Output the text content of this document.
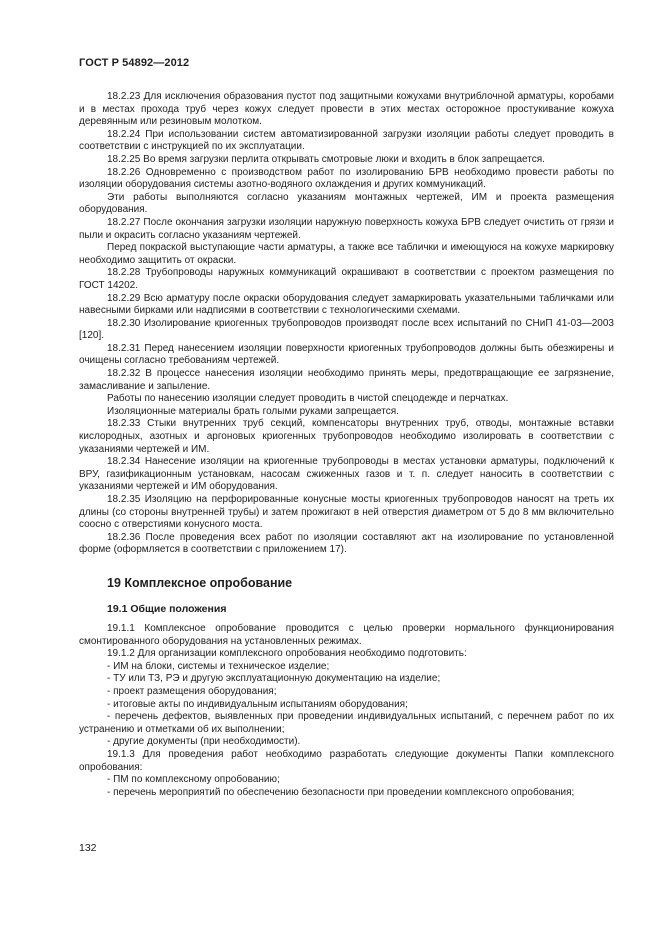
ГОСТ Р 54892—2012

18.2.23 Для исключения образования пустот под защитными кожухами внутриблочной арматуры, коробами и в местах прохода труб через кожух следует провести в этих местах осторожное простукивание кожуха деревянным или резиновым молотком.

18.2.24 При использовании систем автоматизированной загрузки изоляции работы следует проводить в соответствии с инструкцией по их эксплуатации.

18.2.25 Во время загрузки перлита открывать смотровые люки и входить в блок запрещается.

18.2.26 Одновременно с производством работ по изолированию БРВ необходимо провести работы по изоляции оборудования системы азотно-водяного охлаждения и других коммуникаций.

Эти работы выполняются согласно указаниям монтажных чертежей, ИМ и проекта размещения оборудования.

18.2.27 После окончания загрузки изоляции наружную поверхность кожуха БРВ следует очистить от грязи и пыли и окрасить согласно указаниям чертежей.

Перед покраской выступающие части арматуры, а также все таблички и имеющуюся на кожухе маркировку необходимо защитить от окраски.

18.2.28 Трубопроводы наружных коммуникаций окрашивают в соответствии с проектом размещения по ГОСТ 14202.

18.2.29 Всю арматуру после окраски оборудования следует замаркировать указательными табличками или навесными бирками или надписями в соответствии с технологическими схемами.

18.2.30 Изолирование криогенных трубопроводов производят после всех испытаний по СНиП 41-03—2003 [120].

18.2.31 Перед нанесением изоляции поверхности криогенных трубопроводов должны быть обезжирены и очищены согласно требованиям чертежей.

18.2.32 В процессе нанесения изоляции необходимо принять меры, предотвращающие ее загрязнение, замасливание и запыление.

Работы по нанесению изоляции следует проводить в чистой спецодежде и перчатках.

Изоляционные материалы брать голыми руками запрещается.

18.2.33 Стыки внутренних труб секций, компенсаторы внутренних труб, отводы, монтажные вставки кислородных, азотных и аргоновых криогенных трубопроводов необходимо изолировать в соответствии с указаниями чертежей и ИМ.

18.2.34 Нанесение изоляции на криогенные трубопроводы в местах установки арматуры, подключений к ВРУ, газификационным установкам, насосам сжиженных газов и т. п. следует наносить в соответствии с указаниями чертежей и ИМ оборудования.

18.2.35 Изоляцию на перфорированные конусные мосты криогенных трубопроводов наносят на треть их длины (со стороны внутренней трубы) и затем прожигают в ней отверстия диаметром от 5 до 8 мм включительно соосно с отверстиями конусного моста.

18.2.36 После проведения всех работ по изоляции составляют акт на изолирование по установленной форме (оформляется в соответствии с приложением 17).

19 Комплексное опробование
19.1 Общие положения

19.1.1 Комплексное опробование проводится с целью проверки нормального функционирования смонтированного оборудования на установленных режимах.

19.1.2 Для организации комплексного опробования необходимо подготовить:

- ИМ на блоки, системы и техническое изделие;

- ТУ или ТЗ, РЭ и другую эксплуатационную документацию на изделие;

- проект размещения оборудования;

- итоговые акты по индивидуальным испытаниям оборудования;

- перечень дефектов, выявленных при проведении индивидуальных испытаний, с перечнем работ по их устранению и отметками об их выполнении;

- другие документы (при необходимости).

19.1.3 Для проведения работ необходимо разработать следующие документы Папки комплексного опробования:

- ПМ по комплексному опробованию;

- перечень мероприятий по обеспечению безопасности при проведении комплексного опробования;

132
